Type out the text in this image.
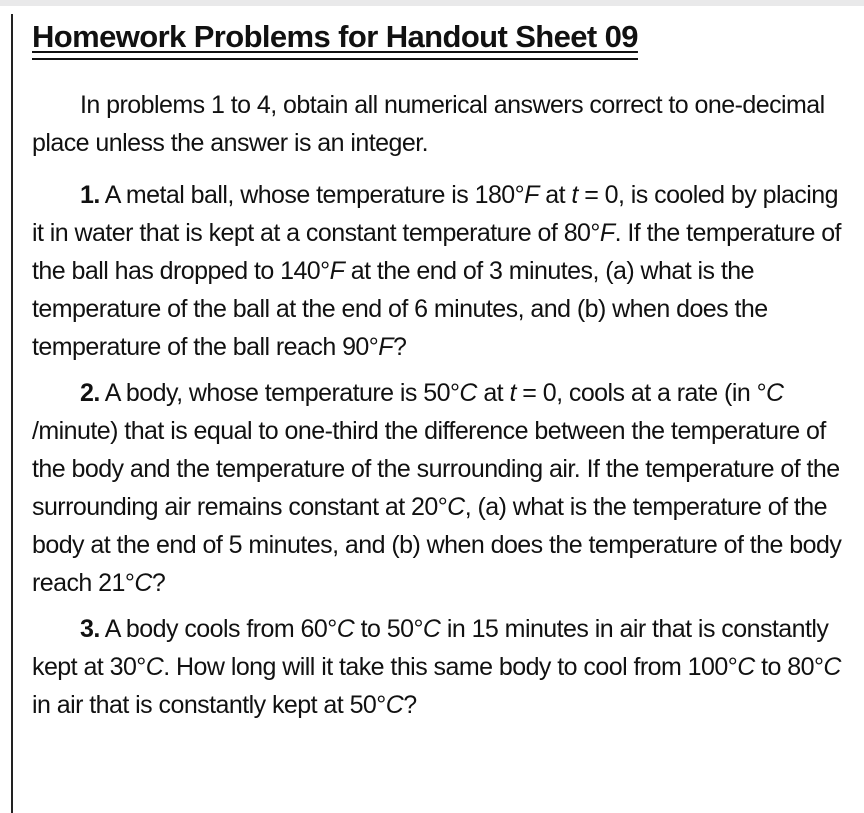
Homework Problems for Handout Sheet 09

In problems 1 to 4, obtain all numerical answers correct to one-decimal place unless the answer is an integer.

1. A metal ball, whose temperature is 180°F at t = 0, is cooled by placing it in water that is kept at a constant temperature of 80°F. If the temperature of the ball has dropped to 140°F at the end of 3 minutes, (a) what is the temperature of the ball at the end of 6 minutes, and (b) when does the temperature of the ball reach 90°F?

2. A body, whose temperature is 50°C at t = 0, cools at a rate (in °C /minute) that is equal to one-third the difference between the temperature of the body and the temperature of the surrounding air. If the temperature of the surrounding air remains constant at 20°C, (a) what is the temperature of the body at the end of 5 minutes, and (b) when does the temperature of the body reach 21°C?

3. A body cools from 60°C to 50°C in 15 minutes in air that is constantly kept at 30°C. How long will it take this same body to cool from 100°C to 80°C in air that is constantly kept at 50°C?
